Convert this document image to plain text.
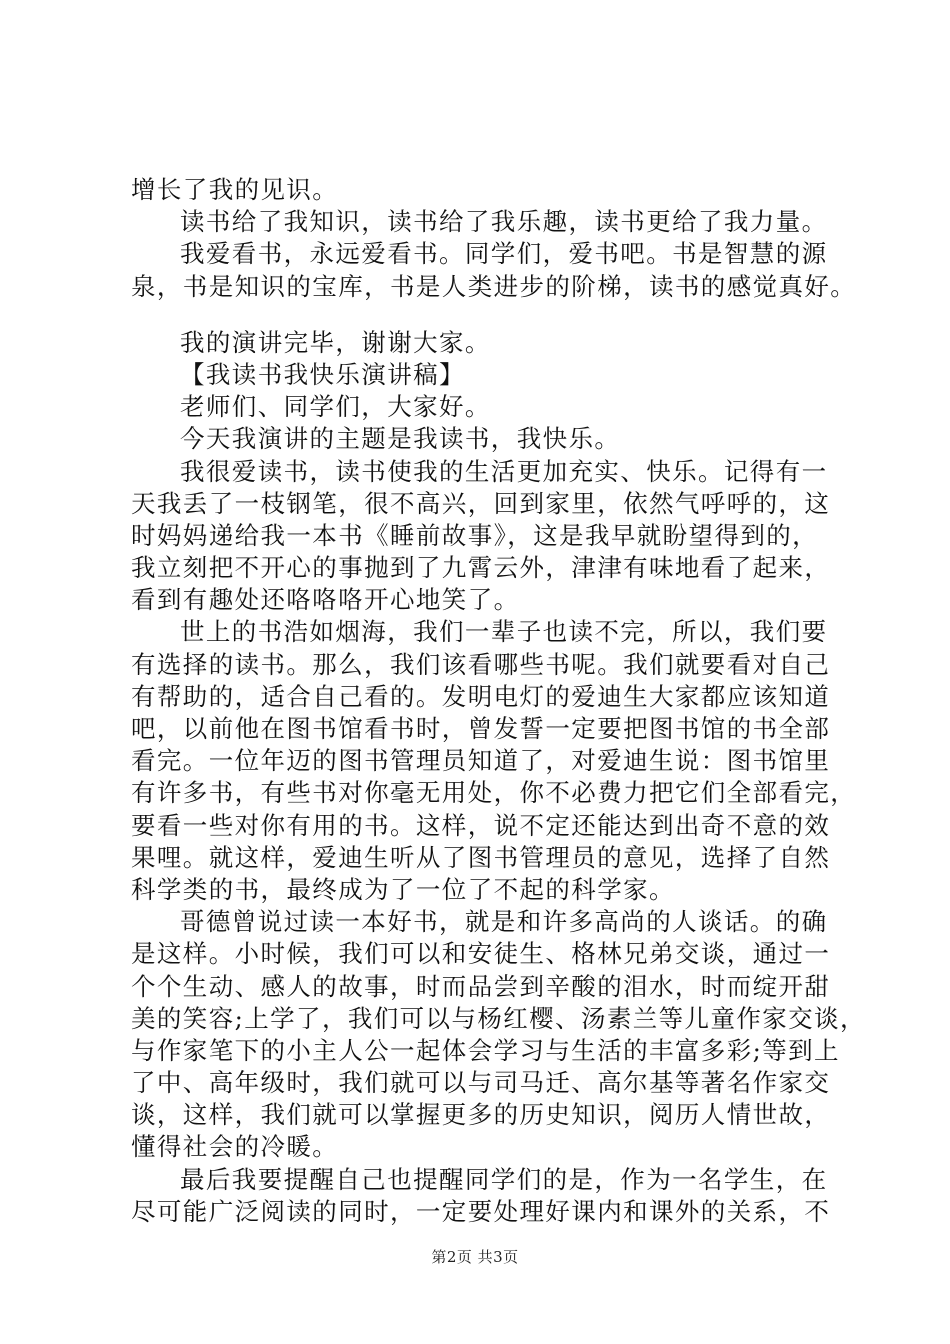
增长了我的见识。
读书给了我知识，读书给了我乐趣，读书更给了我力量。
我爱看书，永远爱看书。同学们，爱书吧。书是智慧的源
泉，书是知识的宝库，书是人类进步的阶梯，读书的感觉真好。
我的演讲完毕，谢谢大家。
【我读书我快乐演讲稿】
老师们、同学们，大家好。
今天我演讲的主题是我读书，我快乐。
我很爱读书，读书使我的生活更加充实、快乐。记得有一
天我丢了一枝钢笔，很不高兴，回到家里，依然气呼呼的，这
时妈妈递给我一本书《睡前故事》，这是我早就盼望得到的，
我立刻把不开心的事抛到了九霄云外，津津有味地看了起来，
看到有趣处还咯咯咯开心地笑了。
世上的书浩如烟海，我们一辈子也读不完，所以，我们要
有选择的读书。那么，我们该看哪些书呢。我们就要看对自己
有帮助的，适合自己看的。发明电灯的爱迪生大家都应该知道
吧，以前他在图书馆看书时，曾发誓一定要把图书馆的书全部
看完。一位年迈的图书管理员知道了，对爱迪生说：图书馆里
有许多书，有些书对你毫无用处，你不必费力把它们全部看完，
要看一些对你有用的书。这样，说不定还能达到出奇不意的效
果哩。就这样，爱迪生听从了图书管理员的意见，选择了自然
科学类的书，最终成为了一位了不起的科学家。
哥德曾说过读一本好书，就是和许多高尚的人谈话。的确
是这样。小时候，我们可以和安徒生、格林兄弟交谈，通过一
个个生动、感人的故事，时而品尝到辛酸的泪水，时而绽开甜
美的笑容;上学了，我们可以与杨红樱、汤素兰等儿童作家交谈，
与作家笔下的小主人公一起体会学习与生活的丰富多彩;等到上
了中、高年级时，我们就可以与司马迁、高尔基等著名作家交
谈，这样，我们就可以掌握更多的历史知识，阅历人情世故，
懂得社会的冷暖。
最后我要提醒自己也提醒同学们的是，作为一名学生，在
尽可能广泛阅读的同时，一定要处理好课内和课外的关系，不
第2页 共3页
